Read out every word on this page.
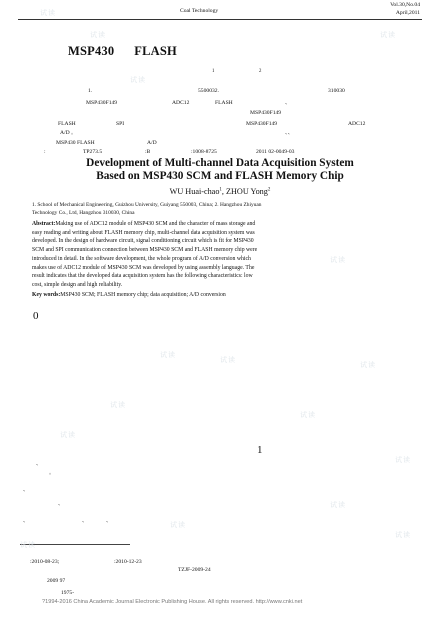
Coal Technology
Vol.30,No.04
April,2011
MSP430      FLASH
1	2
1.	5500032.	310030
MSP430F149	ADC12	FLASH	、
MSP430F149
FLASH	SPI	MSP430F149	ADC12
A/D 。	、、
MSP430 FLASH	A/D
:	TP273.5	:B	:1008-8725	2011 02-0049-03
Development of Multi-channel Data Acquisition System
Based on MSP430 SCM and FLASH Memory Chip
WU Huai-chao$^1$, ZHOU Yong$^2$
1. School of Mechanical Engineering, Guizhou University, Guiyang 550003, China; 2. Hangzhou Zhiyuan
Technology Co., Ltd, Hangzhou 310030, China
Abstract:Making use of ADC12 module of MSP430 SCM and the character of mass storage and
easy reading and writing about FLASH memory chip, multi-channel data acquisition system was
developed. In the design of hardware circuit, signal conditioning circuit which is fit for MSP430
SCM and SPI communication connection between MSP430 SCM and FLASH memory chip were
introduced in detail. In the software development, the whole program of A/D conversion which
makes use of ADC12 module of MSP430 SCM was developed by using assembly language. The
result indicates that the developed data acquisition system has the following characteristics: low
cost, simple design and high reliability.
Key words:MSP430 SCM; FLASH memory chip; data acquisition; A/D conversion
0
1
、
。
、
、
、	、	、
:2010-08-23;	:2010-12-23
TZJF-2009-24
2009 97
1975-
?1994-2016 China Academic Journal Electronic Publishing House. All rights reserved. http://www.cnki.net
试读
试读	试读
试读
试读
试读
试读
试读
试读
试读
试读
试读
试读
试读
试读
试读
